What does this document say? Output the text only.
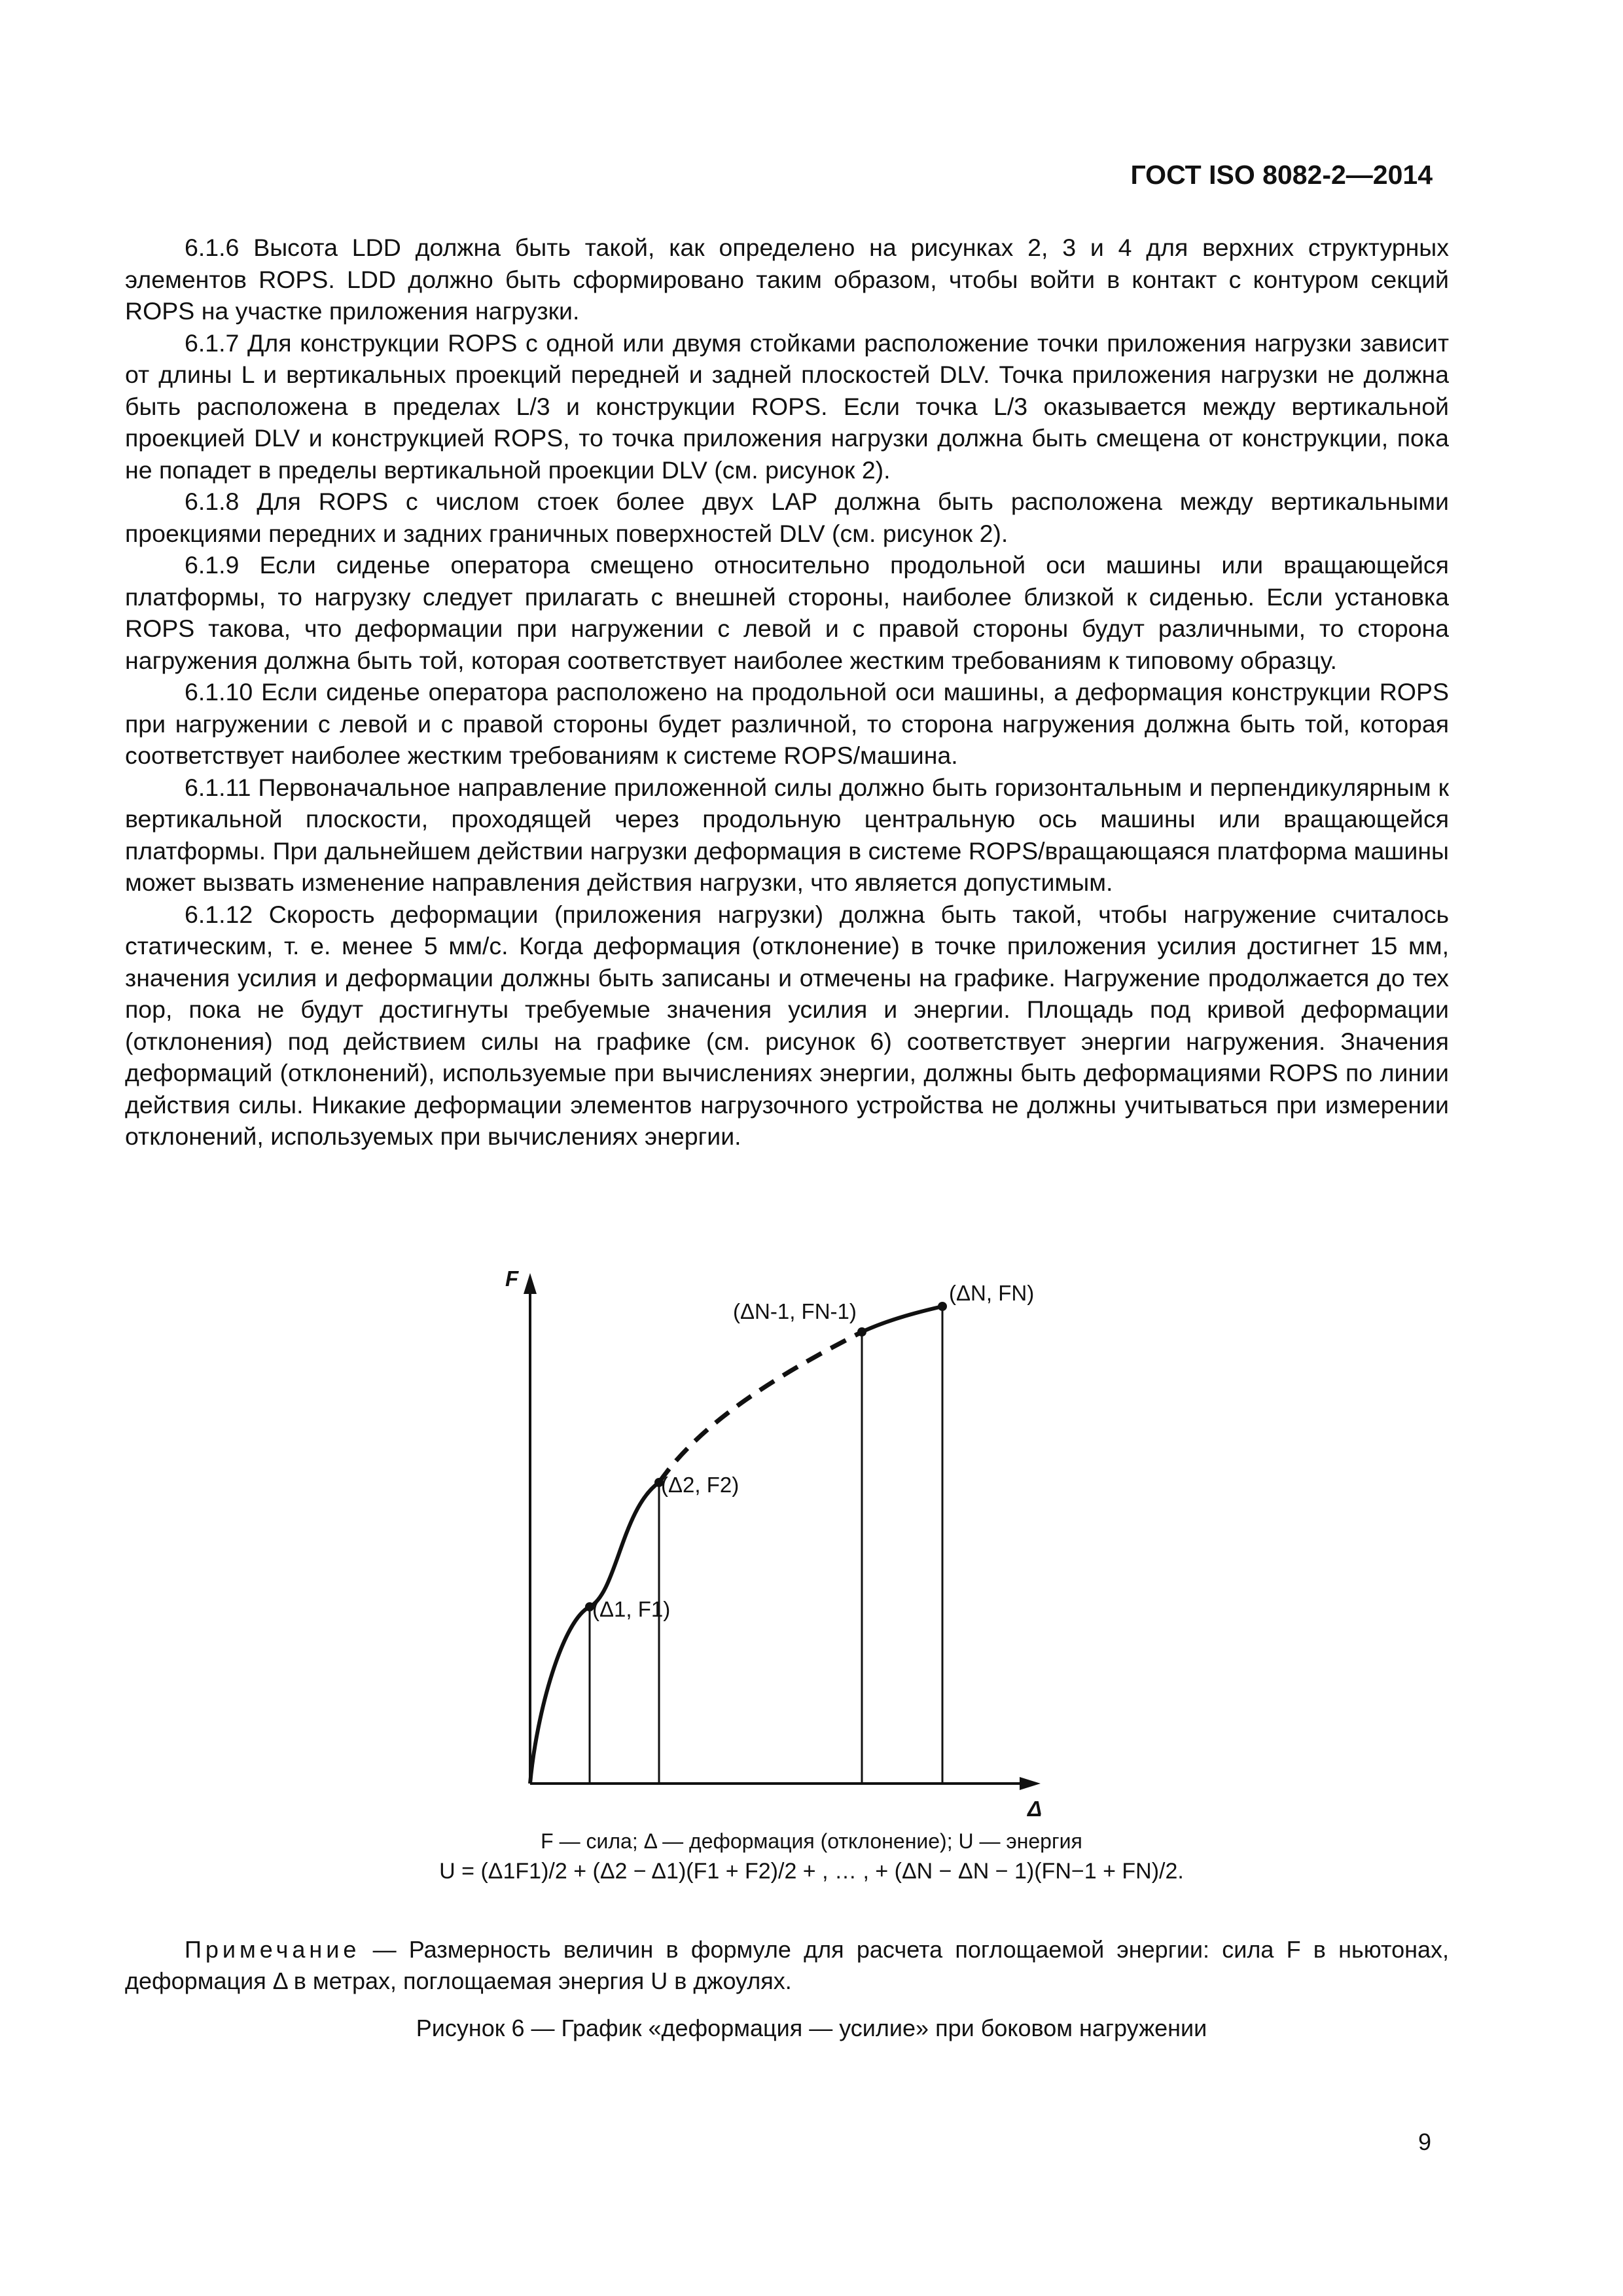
ГОСТ ISO 8082-2—2014

6.1.6 Высота LDD должна быть такой, как определено на рисунках 2, 3 и 4 для верхних структурных элементов ROPS. LDD должно быть сформировано таким образом, чтобы войти в контакт с контуром секций ROPS на участке приложения нагрузки.

6.1.7 Для конструкции ROPS с одной или двумя стойками расположение точки приложения нагрузки зависит от длины L и вертикальных проекций передней и задней плоскостей DLV. Точка приложения нагрузки не должна быть расположена в пределах L/3 и конструкции ROPS. Если точка L/3 оказывается между вертикальной проекцией DLV и конструкцией ROPS, то точка приложения нагрузки должна быть смещена от конструкции, пока не попадет в пределы вертикальной проекции DLV (см. рисунок 2).

6.1.8 Для ROPS с числом стоек более двух LAP должна быть расположена между вертикальными проекциями передних и задних граничных поверхностей DLV (см. рисунок 2).

6.1.9 Если сиденье оператора смещено относительно продольной оси машины или вращающейся платформы, то нагрузку следует прилагать с внешней стороны, наиболее близкой к сиденью. Если установка ROPS такова, что деформации при нагружении с левой и с правой стороны будут различными, то сторона нагружения должна быть той, которая соответствует наиболее жестким требованиям к типовому образцу.

6.1.10 Если сиденье оператора расположено на продольной оси машины, а деформация конструкции ROPS при нагружении с левой и с правой стороны будет различной, то сторона нагружения должна быть той, которая соответствует наиболее жестким требованиям к системе ROPS/машина.

6.1.11 Первоначальное направление приложенной силы должно быть горизонтальным и перпендикулярным к вертикальной плоскости, проходящей через продольную центральную ось машины или вращающейся платформы. При дальнейшем действии нагрузки деформация в системе ROPS/вращающаяся платформа машины может вызвать изменение направления действия нагрузки, что является допустимым.

6.1.12 Скорость деформации (приложения нагрузки) должна быть такой, чтобы нагружение считалось статическим, т. е. менее 5 мм/с. Когда деформация (отклонение) в точке приложения усилия достигнет 15 мм, значения усилия и деформации должны быть записаны и отмечены на графике. Нагружение продолжается до тех пор, пока не будут достигнуты требуемые значения усилия и энергии. Площадь под кривой деформации (отклонения) под действием силы на графике (см. рисунок 6) соответствует энергии нагружения. Значения деформаций (отклонений), используемые при вычислениях энергии, должны быть деформациями ROPS по линии действия силы. Никакие деформации элементов нагрузочного устройства не должны учитываться при измерении отклонений, используемых при вычислениях энергии.

F
Δ
(Δ1, F1)
(Δ2, F2)
(ΔN-1, FN-1)
(ΔN, FN)
F — сила; Δ — деформация (отклонение); U — энергия
U = (Δ1F1)/2 + (Δ2 − Δ1)(F1 + F2)/2 + , … , + (ΔN − ΔN − 1)(FN−1 + FN)/2.
Примечание — Размерность величин в формуле для расчета поглощаемой энергии: сила F в ньютонах, деформация Δ в метрах, поглощаемая энергия U в джоулях.
Рисунок 6 — График «деформация — усилие» при боковом нагружении
9
